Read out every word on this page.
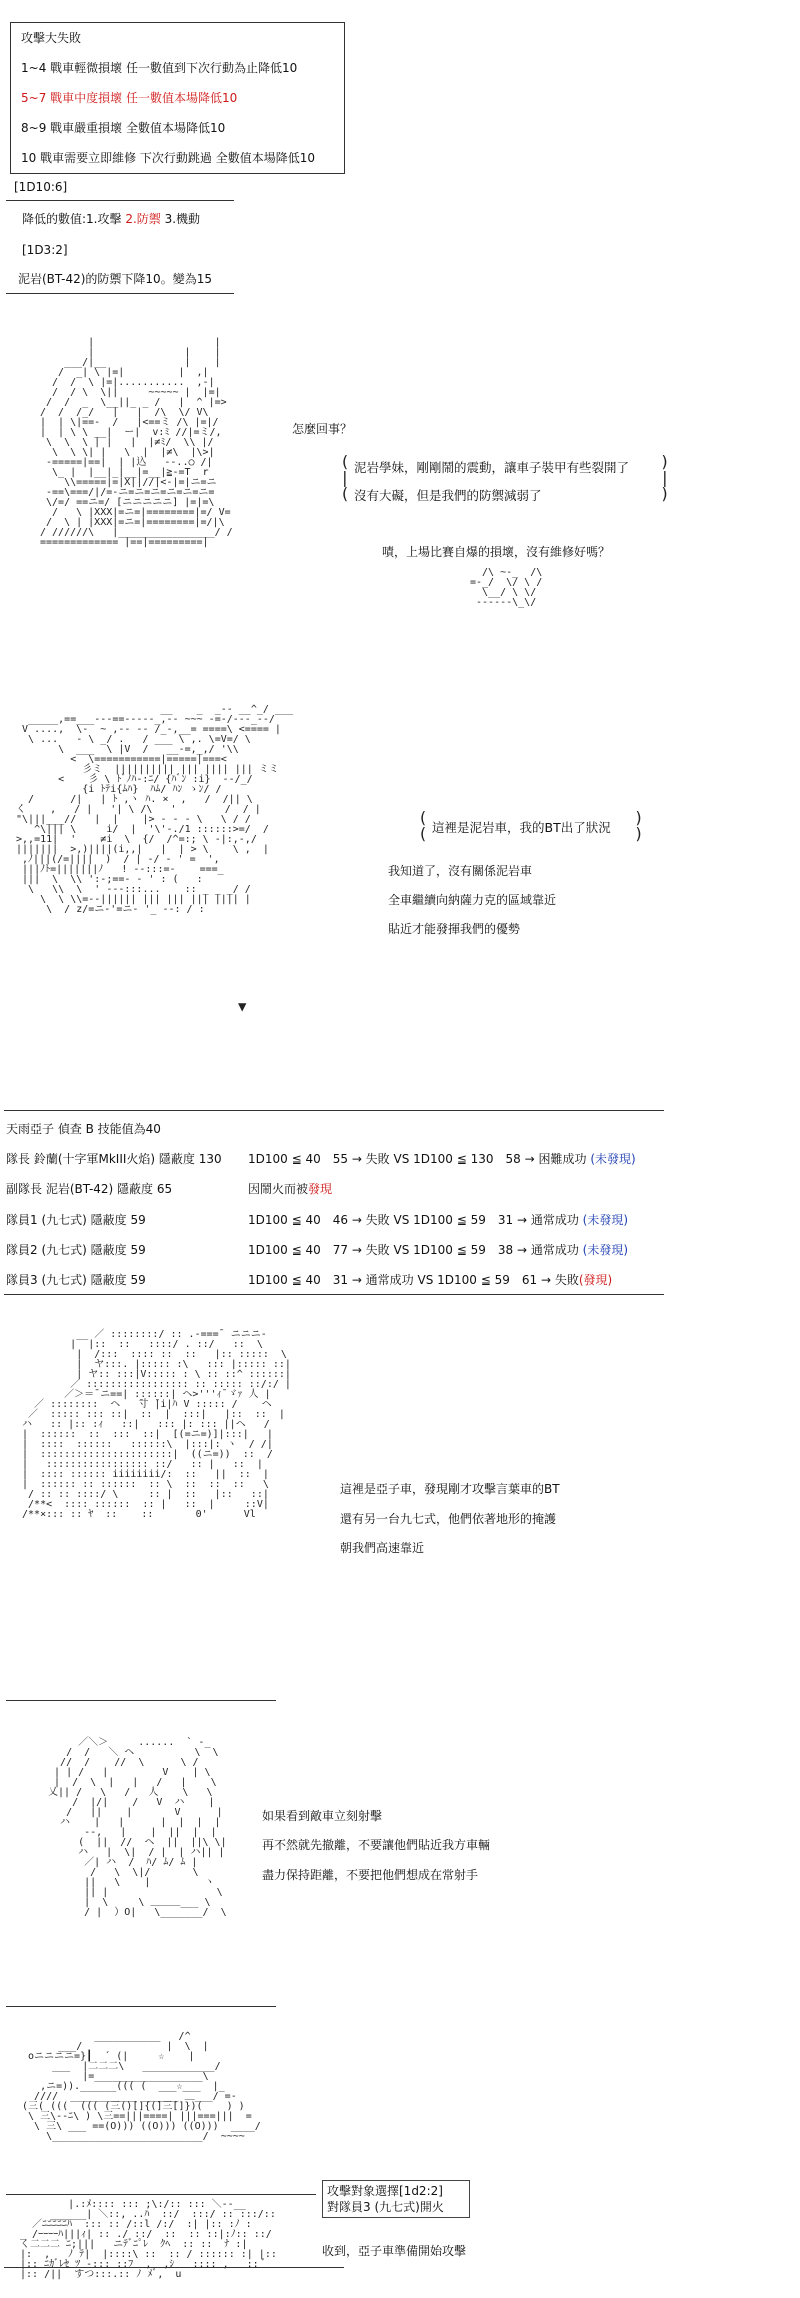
攻擊大失敗
1~4 戰車輕微損壞 任一數值到下次行動為止降低10
5~7 戰車中度損壞 任一數值本場降低10
8~9 戰車嚴重損壞 全數值本場降低10
10 戰車需要立即維修 下次行動跳過 全數值本場降低10
[1D10:6]
降低的數值:1.攻擊 2.防禦 3.機動
[1D3:2]
泥岩(BT-42)的防禦下降10。變為15
|                    |
|               |    |
___/|__             |    |
/  _| \ |=|         |  ,|
/  /  \ |=|...........  ,-|
/  / \  \||     ~~~~~ |  |=|
/  /  _  \__||_ _ /   |  ^ |=>
/  /  /_/   |   |  /\  \/ V\
|  | \|==-  /   |<==ミ /\ |=|/
|  | \ \ __|  ー|  v:ﾐ //|=ミ/,
\  \  \ | |   |  |≠ﾐ/  \\ |/
\  \ \| |   \  |  |≠\  |\>|
-=====|==|  | |込   --..○ /|
\_ |  |__|_|__|=__|≧-=T  r
\\=====|=|X||//|<-|=|ニ=ニ
-==\===/|/=-ニ=ニ=ニ=ニ=ニ=ニ=
\/=/ ==ニ=/ [ニニニニニ] |=|=\
/   \ |XXX|=ニ=|========|=/ V=
/  \ | |XXX|=ニ=|========|=/|\
/ //////\   |________________/ /
============= |==|=========|
怎麼回事？
(
|
(
泥岩學妹，剛剛鬧的震動，讓車子裝甲有些裂開了
沒有大礙，但是我們的防禦減弱了
)
|
)
嘖，上場比賽自爆的損壞，沒有維修好嗎？
/\ ~-_  /\
=-_/  \/ \ /
\__/ \ \/
------\_\/
__    _  _-- __^_/ ___
_____,==___---==-----_,-- ~~~ -=-/---_--/
V ....,  \-  ~ ,-- -- /_-,__= ====\ <==== |
\ ...   - \ _/ .   / ___ \ ,. \=V=/ \
\  ___  \ |V  /   __-=,_,/ '\\
<  \===========|=====|===<
彡ミ  |||||||||| ||| |||| ||| ミミ
<    彡 \ ﾄﾞﾉﾊ-:ﾆ/ {ﾊﾞﾝ :i}  --/_/
{i ﾄﾃi{ﾑﾊ}  ﾊﾑ/ ﾊﾝ ゝﾝ/ /
/      /|   | ﾄ ,ヽ ﾊ. ×  ,   /  /|| \
く    ,   / |   '| \ /\   '        /  / |
"\|||___//   |  |    |> - - - \   \ / /
^\||| \     i/  |  '\'-./1 ::::::>=/  /
>,,=11|  '    ≠i  \  {/  /^=:; \ -|:,-,/
|||||||  >,)||||(i,,|   |  | > \    \ ,  |
,ﾉ|||(/=||||  )  / | -/ - ' =  ',
|||ﾉﾄ=|||||||ﾉ   ! ‐-:::=-    ===_
|||  \  \\ ':-;==- - ' : (   :
\   \\  \  ' ---:::...    :: _ _ _/ /
\  \ \\=--|||||| ||| ||| ||| |||| |
\  / z/=ニ-'=ニ- '_ --: / :
▼
(
( 這裡是泥岩車，我的BT出了狀況
)
)
我知道了，沒有關係泥岩車
全車繼續向納薩力克的區域靠近
貼近才能發揮我們的優勢
天雨亞子 偵查 B 技能值為40
隊長 鈴蘭(十字軍MkIII火焰) 隱蔽度 130 1D100 ≦ 40　55 → 失敗 VS 1D100 ≦ 130　58 → 困難成功 (未發現)
副隊長 泥岩(BT-42) 隱蔽度 65	因鬧火而被發現
隊員1 (九七式) 隱蔽度 59	1D100 ≦ 40　46 → 失敗 VS 1D100 ≦ 59　31 → 通常成功 (未發現)
隊員2 (九七式) 隱蔽度 59	1D100 ≦ 40　77 → 失敗 VS 1D100 ≦ 59　38 → 通常成功 (未發現)
隊員3 (九七式) 隱蔽度 59	1D100 ≦ 40　31 → 通常成功 VS 1D100 ≦ 59　61 → 失敗(發現)
__ ／ ::::::::/ :: .-===¯ ニニニ-
|  |::  ::   ::::/ . ::/   ::  \
|  /:::  :::: ::  ::   |:: :::::  \
|  ヤ:::. |::::: :\   ::: |::::: ::|
| ヤ:: :::|V::::: : \ :: ::^ ::::::|
／ ::::::::::::::::: :: ::::: ::/:/ |
／＞＝¯ニ==| ::::::| ヘ>'''ｨ¯ゞｧ 人 |
／ ::::::::  ヘ   ̄寸 ̄|i|ﾊ V ::::: /    ヘ
／  ::::: ::: ::|  ::  |  :::|   |::  ::  |
ハ   :: |:: :ｨ   ::|   ::: |: ::: ||ヘ   /
|  ::::::  ::  :::  ::|  [(=ニ=)]|:::|   |
|  ::::  ::::::   ::::::\  |:::|: ヽ  / /|
|  ::::::::::::::::::::::|  ((ニ=))  ::  /
|   ::::::::::::::::: ::/   :: |   ::  |
|  :::: :::::: iiiiiiii/:  ::   ||  ::  |
|  :::::: :: ::::::  :: \  ::  ::  ::   \
/ :: :: ::::/ \     :: |  ::   |::   ::|
/**<  :::: ::::::  :: |   ::  |     ::V|
/**×::: :: ﾔ  ::    ::       0'      Vl
這裡是亞子車，發現剛才攻擊言葉車的BT
還有另一台九七式，他們依著地形的掩護
朝我們高速靠近
／＼＞     ......  ` -_
/  /   ＼ ヘ          \  \
//  /    //  \      \ /
| | /   |         V    | \
|  /  \  |   |   /   |    \
乂|| /   \   /   人    \   \
/  |/|    /   V  ハ    |
/   ||    |       V      |
ハ    |   |      |  |  |  |
--,   |    |  ||  |  |
(  ||  //  ヘ  ||  ||\ \|
ハ   |  \|  / |  | ハ|| |
／| ハ  /  ﾊ/ ﾑ/ ﾑ |
/   \  \|/       \
||   \    |         ヽ
|| |                  \
|  \     \ ＿＿＿___ \
/ |  ）O|   \_______/  \
如果看到敵車立刻射擊
再不然就先撤離，不要讓他們貼近我方車輛
盡力保持距離，不要把他們想成在常射手
___________   /^
___/              |  \  |
oニニニニ=}┃  ´ (|     ☆    |
___  |二二二\   ____________/
|=__________________\
,ニ=)).______((( (  ___☆___  |_
////  ___________ ______ ＿___/ =-
(三( (((  ((( (三()[]{(]三[]})(    ) )
\ 三\--ﾆ\ ) \三==|||====| |||===|||  =
\ 三\ ___ ==(O))) ((O))) ((O)))  ____/
\_________________________/  ~~~~
攻擊對象選擇[1d2:2]
對隊員3 (九七式)開火
|.:ﾒ:::: ::: ;\:/:: ::: ＼--__
______| ＼::, ..ﾊ  ::/  :::/ :: :::/::
／ﾆﾆﾆﾆﾆﾊ  ::: :: /::l /:/  :| |:: :ﾉ :
_ /ｰｰｰｰﾊ|||ｨ| :: ./ ::/  ::  :: ::|:ﾉ:: ::/
く二二二 ﾆ;|||   ニﾃﾞﾆﾟﾚ  ｸﾍ  :: ::  ﾅ :|
|:  ,   ﾉ ﾃ|  |::::\ ::  :: / :::::: :| |::
|:: ﾆｶﾞﾚｾ ﾂ -::: ::ﾌ  ,  ,ｼ   :::: ,   :: ﾞ
|:: /||  すつ:::.:: ﾉ ﾒﾞ,  u
收到，亞子車準備開始攻擊
